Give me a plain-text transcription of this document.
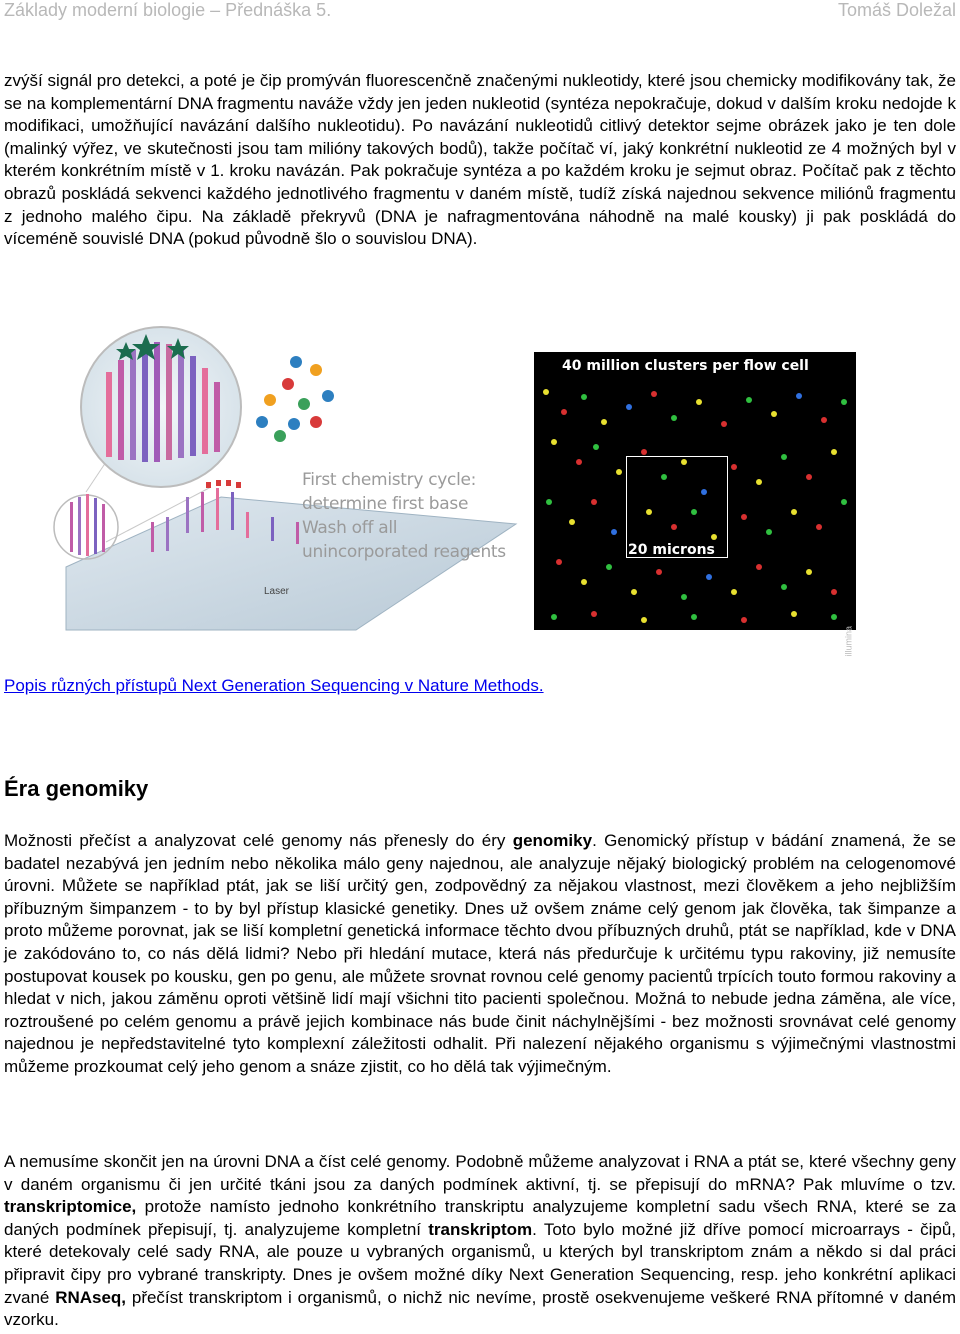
Základy moderní biologie – Přednáška 5.	Tomáš Doležal
zvýší signál pro detekci, a poté je čip promýván fluorescenčně značenými nukleotidy, které jsou chemicky modifikovány tak, že se na komplementární DNA fragmentu naváže vždy jen jeden nukleotid (syntéza nepokračuje, dokud v dalším kroku nedojde k modifikaci, umožňující navázání dalšího nukleotidu). Po navázání nukleotidů citlivý detektor sejme obrázek jako je ten dole (malinký výřez, ve skutečnosti jsou tam milióny takových bodů), takže počítač ví, jaký konkrétní nukleotid ze 4 možných byl v kterém konkrétním místě v 1. kroku navázán. Pak pokračuje syntéza a po každém kroku je sejmut obraz. Počítač pak z těchto obrazů poskládá sekvenci každého jednotlivého fragmentu v daném místě, tudíž získá najednou sekvence miliónů fragmentu z jednoho malého čipu. Na základě překryvů (DNA je nafragmentována náhodně na malé kousky) ji pak poskládá do víceméně souvislé DNA (pokud původně šlo o souvislou DNA).
First chemistry cycle:
determine first base
Wash off all
unincorporated reagents
Laser
40 million clusters per flow cell
20 microns
illumina
Popis různých přístupů Next Generation Sequencing v Nature Methods.
Éra genomiky
Možnosti přečíst a analyzovat celé genomy nás přenesly do éry genomiky. Genomický přístup v bádání znamená, že se badatel nezabývá jen jedním nebo několika málo geny najednou, ale analyzuje nějaký biologický problém na celogenomové úrovni. Můžete se například ptát, jak se liší určitý gen, zodpovědný za nějakou vlastnost, mezi člověkem a jeho nejbližším příbuzným šimpanzem - to by byl přístup klasické genetiky. Dnes už ovšem známe celý genom jak člověka, tak šimpanze a proto můžeme porovnat, jak se liší kompletní genetická informace těchto dvou příbuzných druhů, ptát se například, kde v DNA je zakódováno to, co nás dělá lidmi? Nebo při hledání mutace, která nás předurčuje k určitému typu rakoviny, již nemusíte postupovat kousek po kousku, gen po genu, ale můžete srovnat rovnou celé genomy pacientů trpících touto formou rakoviny a hledat v nich, jakou záměnu oproti většině lidí mají všichni tito pacienti společnou. Možná to nebude jedna záměna, ale více, roztroušené po celém genomu a právě jejich kombinace nás bude činit náchylnějšími - bez možnosti srovnávat celé genomy najednou je nepředstavitelné tyto komplexní záležitosti odhalit. Při nalezení nějakého organismu s výjimečnými vlastnostmi můžeme prozkoumat celý jeho genom a snáze zjistit, co ho dělá tak výjimečným.
A nemusíme skončit jen na úrovni DNA a číst celé genomy. Podobně můžeme analyzovat i RNA a ptát se, které všechny geny v daném organismu či jen určité tkáni jsou za daných podmínek aktivní, tj. se přepisují do mRNA? Pak mluvíme o tzv. transkriptomice, protože namísto jednoho konkrétního transkriptu analyzujeme kompletní sadu všech RNA, které se za daných podmínek přepisují, tj. analyzujeme kompletní transkriptom. Toto bylo možné již dříve pomocí microarrays - čipů, které detekovaly celé sady RNA, ale pouze u vybraných organismů, u kterých byl transkriptom znám a někdo si dal práci připravit čipy pro vybrané transkripty. Dnes je ovšem možné díky Next Generation Sequencing, resp. jeho konkrétní aplikaci zvané RNAseq, přečíst transkriptom i organismů, o nichž nic nevíme, prostě osekvenujeme veškeré RNA přítomné v daném vzorku.
